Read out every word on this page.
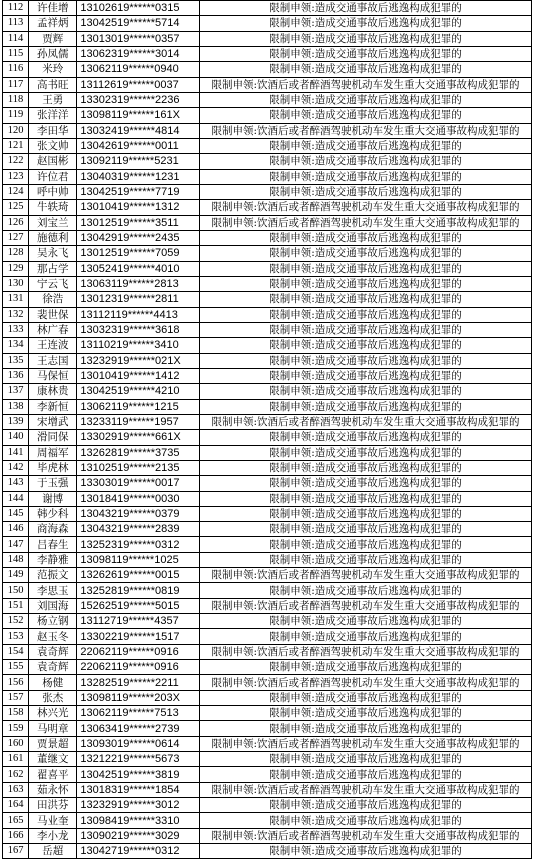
112	许佳增	13102619******0315	限制申领:造成交通事故后逃逸构成犯罪的
113	孟祥炳	13042519******5714	限制申领:造成交通事故后逃逸构成犯罪的
114	贾辉	13013019******0357	限制申领:造成交通事故后逃逸构成犯罪的
115	孙凤儒	13062319******3014	限制申领:造成交通事故后逃逸构成犯罪的
116	米玲	13062119******0940	限制申领:造成交通事故后逃逸构成犯罪的
117	高书旺	13112619******0037	限制申领:饮酒后或者醉酒驾驶机动车发生重大交通事故构成犯罪的
118	王勇	13302319******2236	限制申领:造成交通事故后逃逸构成犯罪的
119	张洋洋	13098119******161X	限制申领:造成交通事故后逃逸构成犯罪的
120	李田华	13032419******4814	限制申领:饮酒后或者醉酒驾驶机动车发生重大交通事故构成犯罪的
121	张文帅	13042619******0011	限制申领:造成交通事故后逃逸构成犯罪的
122	赵国彬	13092119******5231	限制申领:造成交通事故后逃逸构成犯罪的
123	许位君	13040319******1231	限制申领:造成交通事故后逃逸构成犯罪的
124	呼中帅	13042519******7719	限制申领:造成交通事故后逃逸构成犯罪的
125	牛轶琦	13010419******1312	限制申领:饮酒后或者醉酒驾驶机动车发生重大交通事故构成犯罪的
126	刘宝兰	13012519******3511	限制申领:饮酒后或者醉酒驾驶机动车发生重大交通事故构成犯罪的
127	施德利	13042919******2435	限制申领:造成交通事故后逃逸构成犯罪的
128	吴永飞	13012519******7059	限制申领:造成交通事故后逃逸构成犯罪的
129	那占学	13052419******4010	限制申领:造成交通事故后逃逸构成犯罪的
130	宁云飞	13063119******2813	限制申领:造成交通事故后逃逸构成犯罪的
131	徐浩	13012319******2811	限制申领:造成交通事故后逃逸构成犯罪的
132	裴世保	13112119******4413	限制申领:造成交通事故后逃逸构成犯罪的
133	林广春	13032319******3618	限制申领:造成交通事故后逃逸构成犯罪的
134	王连波	13110219******3410	限制申领:造成交通事故后逃逸构成犯罪的
135	王志国	13232919******021X	限制申领:造成交通事故后逃逸构成犯罪的
136	马保恒	13010419******1412	限制申领:造成交通事故后逃逸构成犯罪的
137	康林贵	13042519******4210	限制申领:造成交通事故后逃逸构成犯罪的
138	李新恒	13062119******1215	限制申领:造成交通事故后逃逸构成犯罪的
139	宋增武	13233119******1957	限制申领:饮酒后或者醉酒驾驶机动车发生重大交通事故构成犯罪的
140	滑同保	13302919******661X	限制申领:造成交通事故后逃逸构成犯罪的
141	周福军	13262819******3735	限制申领:造成交通事故后逃逸构成犯罪的
142	毕虎林	13102519******2135	限制申领:造成交通事故后逃逸构成犯罪的
143	于玉强	13303019******0017	限制申领:造成交通事故后逃逸构成犯罪的
144	谢博	13018419******0030	限制申领:造成交通事故后逃逸构成犯罪的
145	韩少科	13043219******0379	限制申领:造成交通事故后逃逸构成犯罪的
146	商海森	13043219******2839	限制申领:造成交通事故后逃逸构成犯罪的
147	吕春生	13252319******0312	限制申领:造成交通事故后逃逸构成犯罪的
148	李静雅	13098119******1025	限制申领:造成交通事故后逃逸构成犯罪的
149	范振文	13262619******0015	限制申领:饮酒后或者醉酒驾驶机动车发生重大交通事故构成犯罪的
150	李思玉	13252819******0819	限制申领:造成交通事故后逃逸构成犯罪的
151	刘国海	15262519******5015	限制申领:饮酒后或者醉酒驾驶机动车发生重大交通事故构成犯罪的
152	杨立钢	13112719******4357	限制申领:造成交通事故后逃逸构成犯罪的
153	赵玉冬	13302219******1517	限制申领:造成交通事故后逃逸构成犯罪的
154	袁奇辉	22062119******0916	限制申领:饮酒后或者醉酒驾驶机动车发生重大交通事故构成犯罪的
155	袁奇辉	22062119******0916	限制申领:造成交通事故后逃逸构成犯罪的
156	杨健	13282519******2211	限制申领:饮酒后或者醉酒驾驶机动车发生重大交通事故构成犯罪的
157	张杰	13098119******203X	限制申领:造成交通事故后逃逸构成犯罪的
158	林兴光	13062119******7513	限制申领:造成交通事故后逃逸构成犯罪的
159	马明章	13063419******2739	限制申领:造成交通事故后逃逸构成犯罪的
160	贾景超	13093019******0614	限制申领:饮酒后或者醉酒驾驶机动车发生重大交通事故构成犯罪的
161	董继文	13212219******5673	限制申领:造成交通事故后逃逸构成犯罪的
162	翟喜平	13042519******3819	限制申领:造成交通事故后逃逸构成犯罪的
163	茹永怀	13018319******1854	限制申领:饮酒后或者醉酒驾驶机动车发生重大交通事故构成犯罪的
164	田洪芬	13232919******3012	限制申领:造成交通事故后逃逸构成犯罪的
165	马业奎	13098419******3310	限制申领:造成交通事故后逃逸构成犯罪的
166	李小龙	13090219******3029	限制申领:饮酒后或者醉酒驾驶机动车发生重大交通事故构成犯罪的
167	岳超	13042719******0312	限制申领:造成交通事故后逃逸构成犯罪的
